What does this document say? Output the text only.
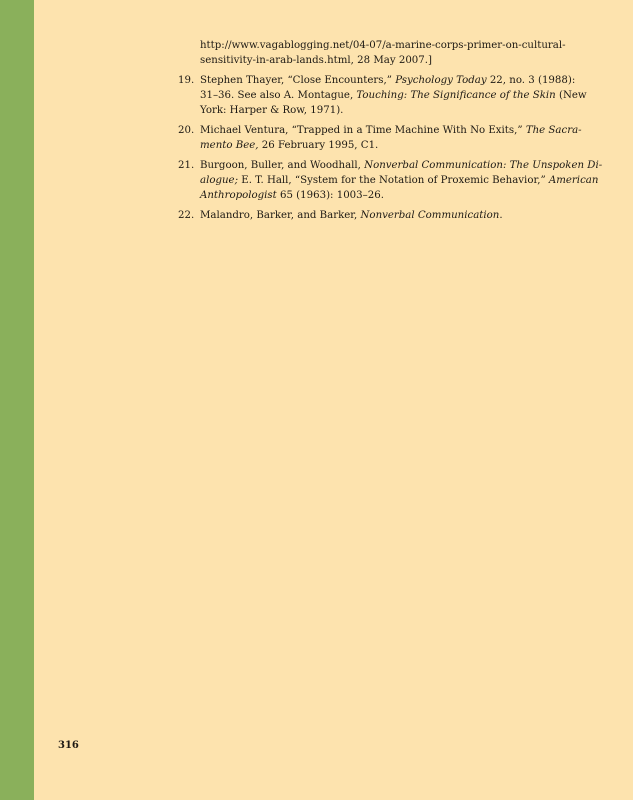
http://www.vagablogging.net/04-07/a-marine-corps-primer-on-cultural-
sensitivity-in-arab-lands.html, 28 May 2007.]
19. Stephen Thayer, “Close Encounters,” Psychology Today 22, no. 3 (1988):
31–36. See also A. Montague, Touching: The Significance of the Skin (New
York: Harper & Row, 1971).
20. Michael Ventura, “Trapped in a Time Machine With No Exits,” The Sacra-
mento Bee, 26 February 1995, C1.
21. Burgoon, Buller, and Woodhall, Nonverbal Communication: The Unspoken Di-
alogue; E. T. Hall, “System for the Notation of Proxemic Behavior,” American
Anthropologist 65 (1963): 1003–26.
22. Malandro, Barker, and Barker, Nonverbal Communication.
316
